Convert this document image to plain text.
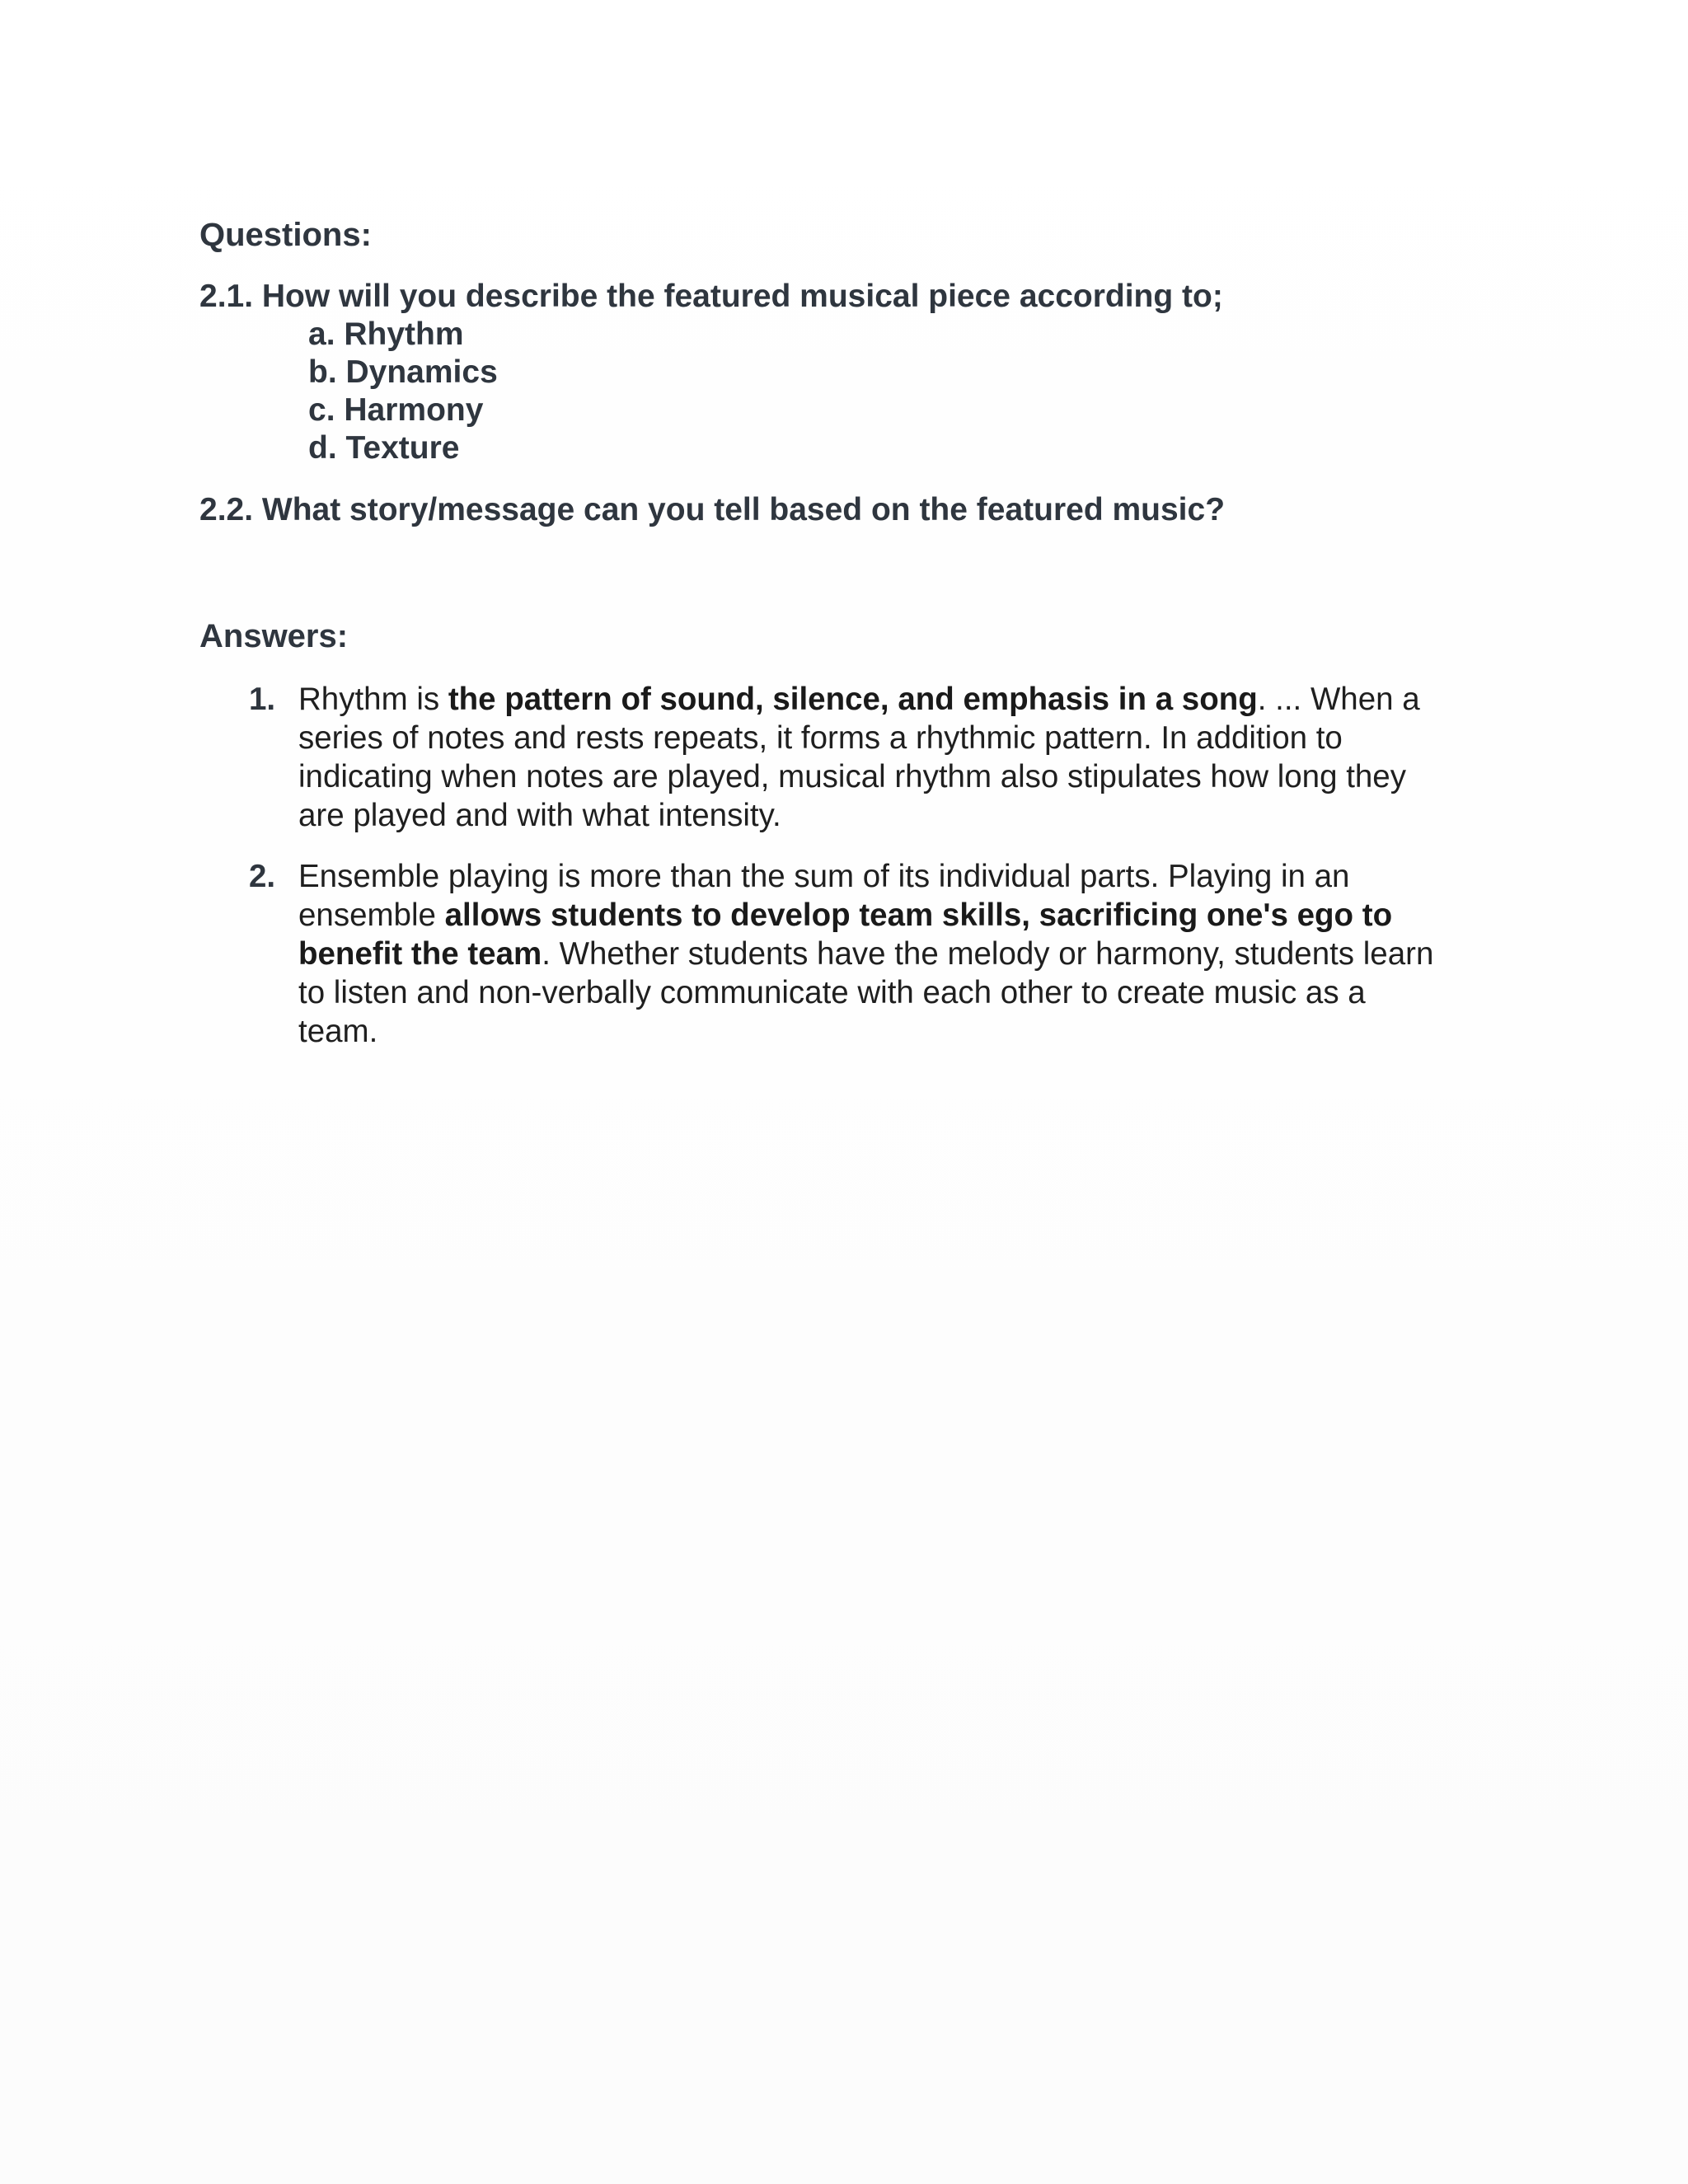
Questions:

2.1. How will you describe the featured musical piece according to;

a. Rhythm
b. Dynamics
c. Harmony
d. Texture

2.2. What story/message can you tell based on the featured music?

Answers:

1. Rhythm is the pattern of sound, silence, and emphasis in a song. ... When a
series of notes and rests repeats, it forms a rhythmic pattern. In addition to
indicating when notes are played, musical rhythm also stipulates how long they
are played and with what intensity.
2. Ensemble playing is more than the sum of its individual parts. Playing in an
ensemble allows students to develop team skills, sacrificing one's ego to
benefit the team. Whether students have the melody or harmony, students learn
to listen and non-verbally communicate with each other to create music as a
team.
